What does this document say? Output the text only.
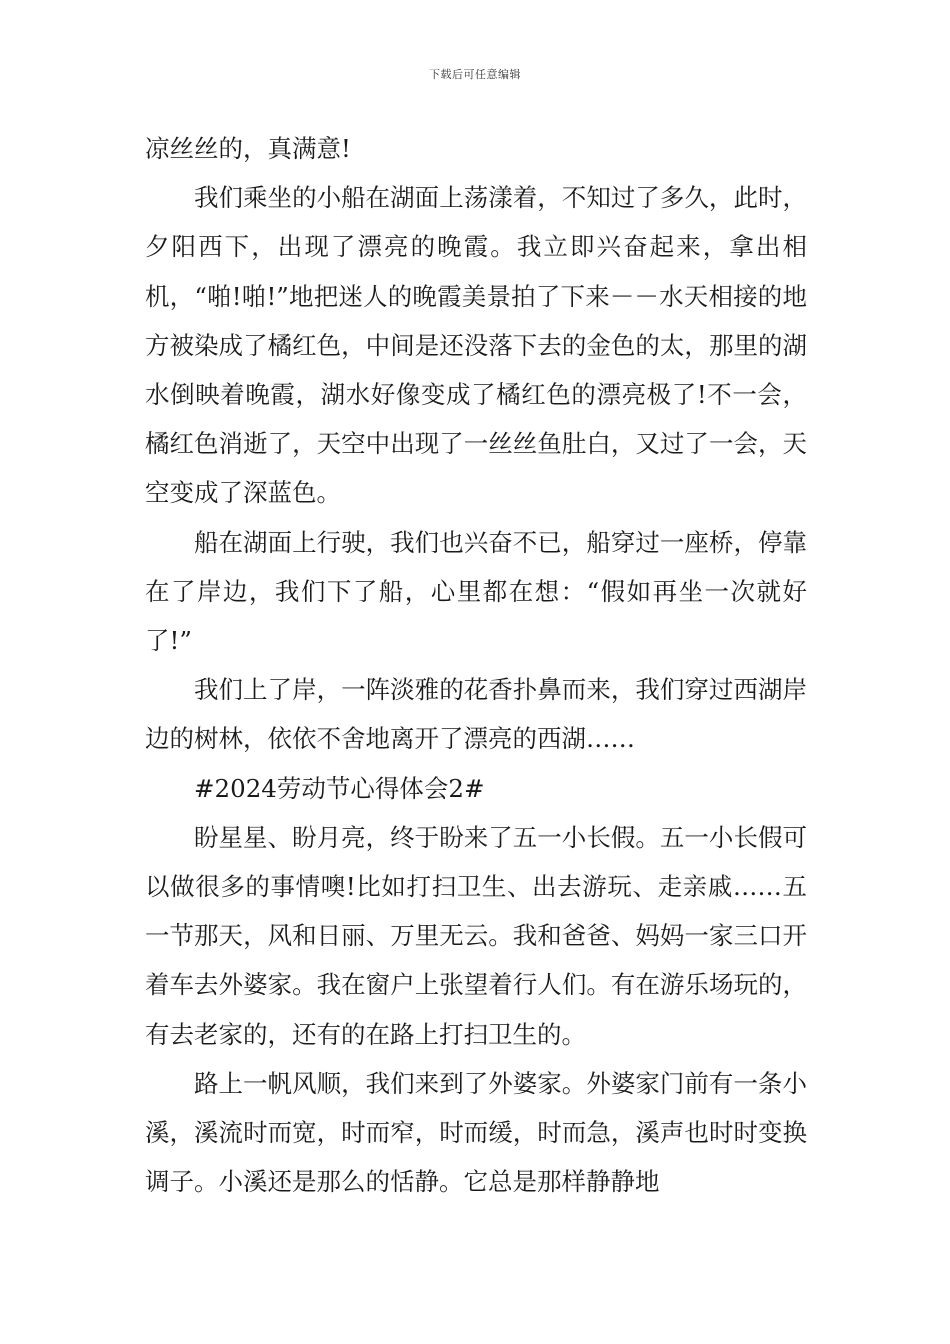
下载后可任意编辑

凉丝丝的，真满意!

我们乘坐的小船在湖面上荡漾着，不知过了多久，此时，夕阳西下，出现了漂亮的晚霞。我立即兴奋起来，拿出相机，“啪!啪!”地把迷人的晚霞美景拍了下来－－水天相接的地方被染成了橘红色，中间是还没落下去的金色的太，那里的湖水倒映着晚霞，湖水好像变成了橘红色的漂亮极了!不一会，橘红色消逝了，天空中出现了一丝丝鱼肚白，又过了一会，天空变成了深蓝色。

船在湖面上行驶，我们也兴奋不已，船穿过一座桥，停靠在了岸边，我们下了船，心里都在想：“假如再坐一次就好了!”

我们上了岸，一阵淡雅的花香扑鼻而来，我们穿过西湖岸边的树林，依依不舍地离开了漂亮的西湖……

#2024劳动节心得体会2#

盼星星、盼月亮，终于盼来了五一小长假。五一小长假可以做很多的事情噢!比如打扫卫生、出去游玩、走亲戚……五一节那天，风和日丽、万里无云。我和爸爸、妈妈一家三口开着车去外婆家。我在窗户上张望着行人们。有在游乐场玩的，有去老家的，还有的在路上打扫卫生的。

路上一帆风顺，我们来到了外婆家。外婆家门前有一条小溪，溪流时而宽，时而窄，时而缓，时而急，溪声也时时变换调子。小溪还是那么的恬静。它总是那样静静地
